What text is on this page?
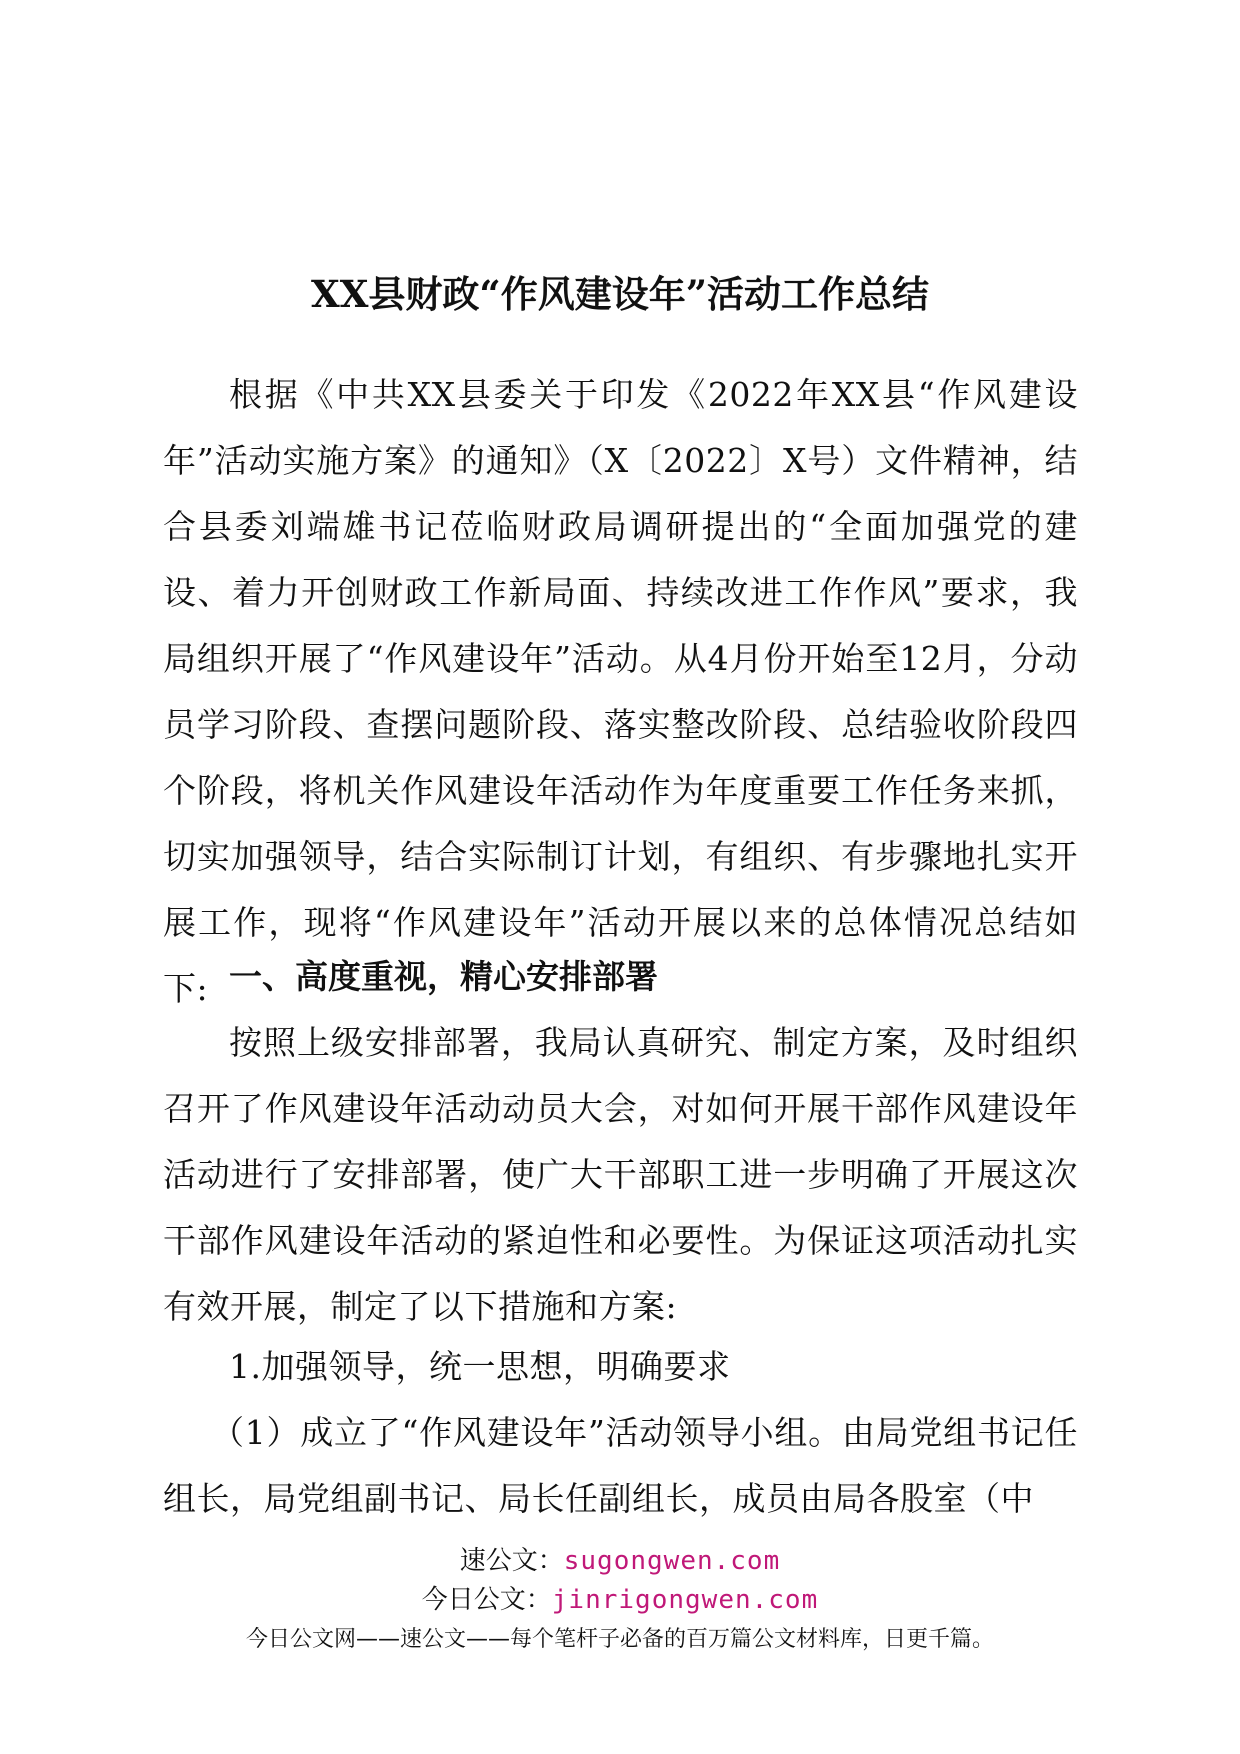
XX县财政“作风建设年”活动工作总结

根据《中共XX县委关于印发《2022年XX县“作风建设年”活动实施方案》的通知》（X〔2022〕X号）文件精神，结合县委刘端雄书记莅临财政局调研提出的“全面加强党的建设、着力开创财政工作新局面、持续改进工作作风”要求，我局组织开展了“作风建设年”活动。从4月份开始至12月，分动员学习阶段、查摆问题阶段、落实整改阶段、总结验收阶段四个阶段，将机关作风建设年活动作为年度重要工作任务来抓，切实加强领导，结合实际制订计划，有组织、有步骤地扎实开展工作，现将“作风建设年”活动开展以来的总体情况总结如下: 一、高度重视，精心安排部署

按照上级安排部署，我局认真研究、制定方案，及时组织召开了作风建设年活动动员大会，对如何开展干部作风建设年活动进行了安排部署，使广大干部职工进一步明确了开展这次干部作风建设年活动的紧迫性和必要性。为保证这项活动扎实有效开展，制定了以下措施和方案:

1.加强领导，统一思想，明确要求

（1）成立了“作风建设年”活动领导小组。由局党组书记任组长，局党组副书记、局长任副组长，成员由局各股室（中

速公文：sugongwen.com

今日公文：jinrigongwen.com

今日公文网——速公文——每个笔杆子必备的百万篇公文材料库，日更千篇。
